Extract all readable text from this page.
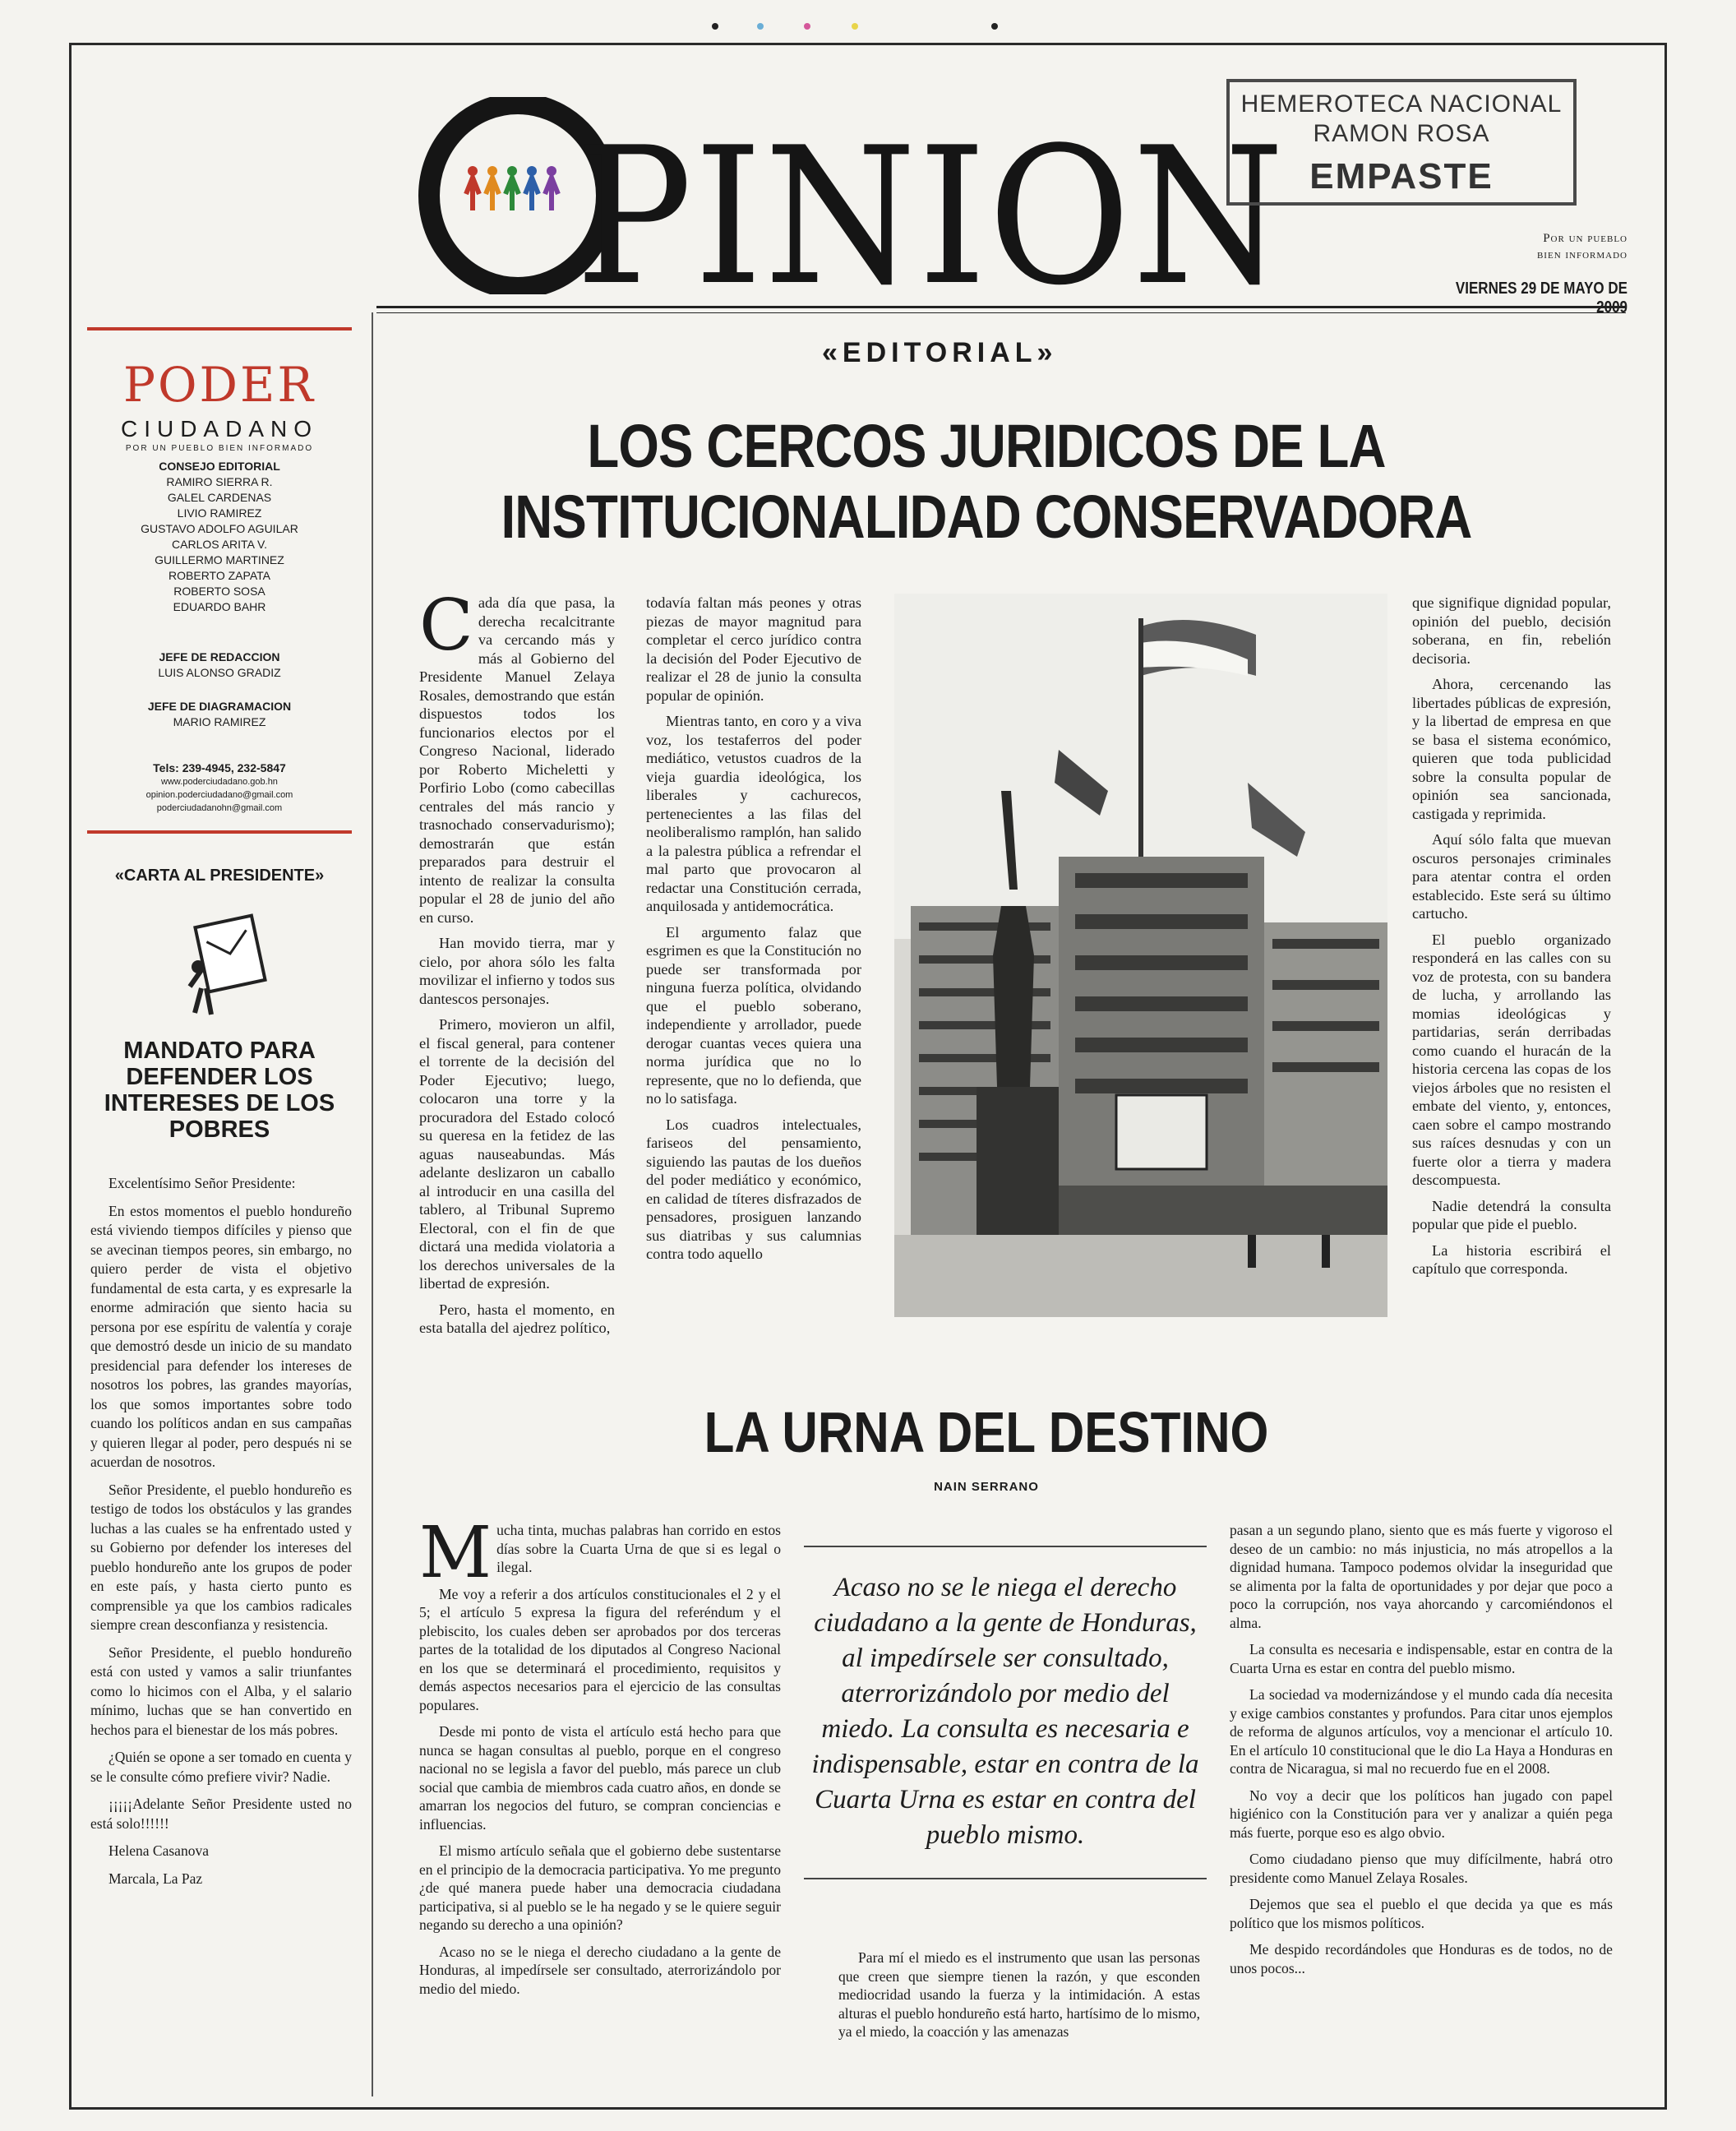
PINION
HEMEROTECA NACIONAL
RAMON ROSA
EMPASTE
Por un pueblo
bien informado
VIERNES 29 DE MAYO DE 2009
PODER
CIUDADANO
POR UN PUEBLO BIEN INFORMADO
CONSEJO EDITORIAL
RAMIRO SIERRA R.
GALEL CARDENAS
LIVIO RAMIREZ
GUSTAVO ADOLFO AGUILAR
CARLOS ARITA V.
GUILLERMO MARTINEZ
ROBERTO ZAPATA
ROBERTO SOSA
EDUARDO BAHR
JEFE DE REDACCION
LUIS ALONSO GRADIZ
JEFE DE DIAGRAMACION
MARIO RAMIREZ
Tels: 239-4945, 232-5847
www.poderciudadano.gob.hn
opinion.poderciudadano@gmail.com
poderciudadanohn@gmail.com
«CARTA AL PRESIDENTE»
MANDATO PARA DEFENDER LOS INTERESES DE LOS POBRES

Excelentísimo Señor Presidente:

En estos momentos el pueblo hondureño está viviendo tiempos difíciles y pienso que se avecinan tiempos peores, sin embargo, no quiero perder de vista el objetivo fundamental de esta carta, y es expresarle la enorme admiración que siento hacia su persona por ese espíritu de valentía y coraje que demostró desde un inicio de su mandato presidencial para defender los intereses de nosotros los pobres, las grandes mayorías, los que somos importantes sobre todo cuando los políticos andan en sus campañas y quieren llegar al poder, pero después ni se acuerdan de nosotros.

Señor Presidente, el pueblo hondureño es testigo de todos los obstáculos y las grandes luchas a las cuales se ha enfrentado usted y su Gobierno por defender los intereses del pueblo hondureño ante los grupos de poder en este país, y hasta cierto punto es comprensible ya que los cambios radicales siempre crean desconfianza y resistencia.

Señor Presidente, el pueblo hondureño está con usted y vamos a salir triunfantes como lo hicimos con el Alba, y el salario mínimo, luchas que se han convertido en hechos para el bienestar de los más pobres.

¿Quién se opone a ser tomado en cuenta y se le consulte cómo prefiere vivir? Nadie.

¡¡¡¡¡Adelante Señor Presidente usted no está solo!!!!!!

Helena Casanova

Marcala, La Paz

«EDITORIAL»
LOS CERCOS JURIDICOS DE LA
INSTITUCIONALIDAD CONSERVADORA

Cada día que pasa, la derecha recalcitrante va cercando más y más al Gobierno del Presidente Manuel Zelaya Rosales, demostrando que están dispuestos todos los funcionarios electos por el Congreso Nacional, liderado por Roberto Micheletti y Porfirio Lobo (como cabecillas centrales del más rancio y trasnochado conservadurismo); demostrarán que están preparados para destruir el intento de realizar la consulta popular el 28 de junio del año en curso.

Han movido tierra, mar y cielo, por ahora sólo les falta movilizar el infierno y todos sus dantescos personajes.

Primero, movieron un alfil, el fiscal general, para contener el torrente de la decisión del Poder Ejecutivo; luego, colocaron una torre y la procuradora del Estado colocó su queresa en la fetidez de las aguas nauseabundas. Más adelante deslizaron un caballo al introducir en una casilla del tablero, al Tribunal Supremo Electoral, con el fin de que dictará una medida violatoria a los derechos universales de la libertad de expresión.

Pero, hasta el momento, en esta batalla del ajedrez político,

todavía faltan más peones y otras piezas de mayor magnitud para completar el cerco jurídico contra la decisión del Poder Ejecutivo de realizar el 28 de junio la consulta popular de opinión.

Mientras tanto, en coro y a viva voz, los testaferros del poder mediático, vetustos cuadros de la vieja guardia ideológica, los liberales y cachurecos, pertenecientes a las filas del neoliberalismo ramplón, han salido a la palestra pública a refrendar el mal parto que provocaron al redactar una Constitución cerrada, anquilosada y antidemocrática.

El argumento falaz que esgrimen es que la Constitución no puede ser transformada por ninguna fuerza política, olvidando que el pueblo soberano, independiente y arrollador, puede derogar cuantas veces quiera una norma jurídica que no lo represente, que no lo defienda, que no lo satisfaga.

Los cuadros intelectuales, fariseos del pensamiento, siguiendo las pautas de los dueños del poder mediático y económico, en calidad de títeres disfrazados de pensadores, prosiguen lanzando sus diatribas y sus calumnias contra todo aquello

que signifique dignidad popular, opinión del pueblo, decisión soberana, en fin, rebelión decisoria.

Ahora, cercenando las libertades públicas de expresión, y la libertad de empresa en que se basa el sistema económico, quieren que toda publicidad sobre la consulta popular de opinión sea sancionada, castigada y reprimida.

Aquí sólo falta que muevan oscuros personajes criminales para atentar contra el orden establecido. Este será su último cartucho.

El pueblo organizado responderá en las calles con su voz de protesta, con su bandera de lucha, y arrollando las momias ideológicas y partidarias, serán derribadas como cuando el huracán de la historia cercena las copas de los viejos árboles que no resisten el embate del viento, y, entonces, caen sobre el campo mostrando sus raíces desnudas y con un fuerte olor a tierra y madera descompuesta.

Nadie detendrá la consulta popular que pide el pueblo.

La historia escribirá el capítulo que corresponda.

LA URNA DEL DESTINO
NAIN SERRANO

Mucha tinta, muchas palabras han corrido en estos días sobre la Cuarta Urna de que si es legal o ilegal.

Me voy a referir a dos artículos constitucionales el 2 y el 5; el artículo 5 expresa la figura del referéndum y el plebiscito, los cuales deben ser aprobados por dos terceras partes de la totalidad de los diputados al Congreso Nacional en los que se determinará el procedimiento, requisitos y demás aspectos necesarios para el ejercicio de las consultas populares.

Desde mi ponto de vista el artículo está hecho para que nunca se hagan consultas al pueblo, porque en el congreso nacional no se legisla a favor del pueblo, más parece un club social que cambia de miembros cada cuatro años, en donde se amarran los negocios del futuro, se compran conciencias e influencias.

El mismo artículo señala que el gobierno debe sustentarse en el principio de la democracia participativa. Yo me pregunto ¿de qué manera puede haber una democracia ciudadana participativa, si al pueblo se le ha negado y se le quiere seguir negando su derecho a una opinión?

Acaso no se le niega el derecho ciudadano a la gente de Honduras, al impedírsele ser consultado, aterrorizándolo por medio del miedo.

Acaso no se le niega el derecho ciudadano a la gente de Honduras, al impedírsele ser consultado, aterrorizándolo por medio del miedo. La consulta es necesaria e indispensable, estar en contra de la Cuarta Urna es estar en contra del pueblo mismo.

Para mí el miedo es el instrumento que usan las personas que creen que siempre tienen la razón, y que esconden mediocridad usando la fuerza y la intimidación. A estas alturas el pueblo hondureño está harto, hartísimo de lo mismo, ya el miedo, la coacción y las amenazas

pasan a un segundo plano, siento que es más fuerte y vigoroso el deseo de un cambio: no más injusticia, no más atropellos a la dignidad humana. Tampoco podemos olvidar la inseguridad que se alimenta por la falta de oportunidades y por dejar que poco a poco la corrupción, nos vaya ahorcando y carcomiéndonos el alma.

La consulta es necesaria e indispensable, estar en contra de la Cuarta Urna es estar en contra del pueblo mismo.

La sociedad va modernizándose y el mundo cada día necesita y exige cambios constantes y profundos. Para citar unos ejemplos de reforma de algunos artículos, voy a mencionar el artículo 10. En el artículo 10 constitucional que le dio La Haya a Honduras en contra de Nicaragua, si mal no recuerdo fue en el 2008.

No voy a decir que los políticos han jugado con papel higiénico con la Constitución para ver y analizar a quién pega más fuerte, porque eso es algo obvio.

Como ciudadano pienso que muy difícilmente, habrá otro presidente como Manuel Zelaya Rosales.

Dejemos que sea el pueblo el que decida ya que es más político que los mismos políticos.

Me despido recordándoles que Honduras es de todos, no de unos pocos...
